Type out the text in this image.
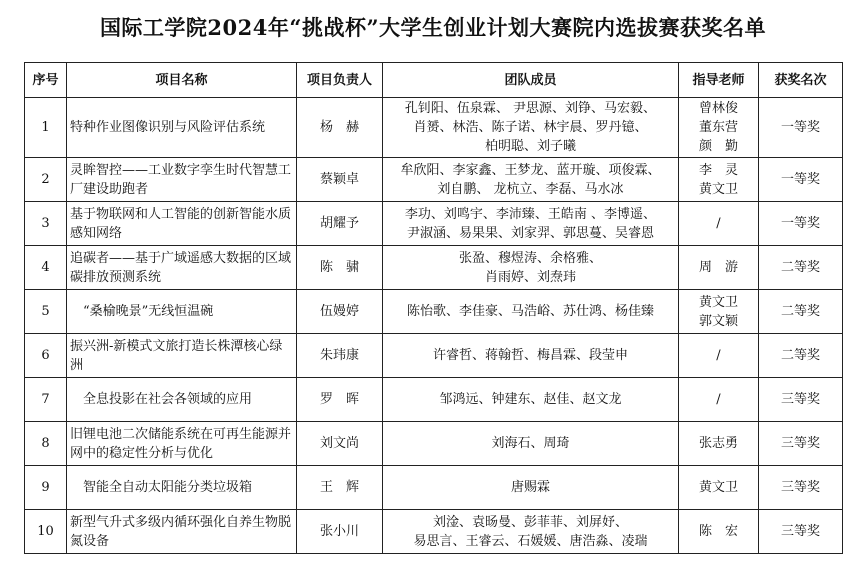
国际工学院2024年“挑战杯”大学生创业计划大赛院内选拔赛获奖名单
序号	项目名称	项目负责人	团队成员	指导老师	获奖名次
1	特种作业图像识别与风险评估系统	杨　赫	孔钊阳、伍泉霖、 尹思源、刘铮、马宏毅、
肖赟、林浩、陈子诺、林宇晨、罗丹镱、
柏明聪、刘子曦	曾林俊
董东营
颜　勤	一等奖
2	灵眸智控——工业数字孪生时代智慧工厂建设助跑者	蔡颖卓	牟欣阳、李家鑫、王梦龙、蓝开璇、项俊霖、
刘自鹏、 龙杭立、李磊、马水冰	李　灵
黄文卫	一等奖
3	基于物联网和人工智能的创新智能水质感知网络	胡耀予	李功、刘鸣宇、李沛臻、王皓南 、李博遥、
尹淑涵、易果果、刘家羿、郭思蔓、吴睿恩	/	一等奖
4	追碳者——基于广域遥感大数据的区域碳排放预测系统	陈　骕	张盈、穆煜涛、余格雅、
肖雨婷、刘焘玮	周　游	二等奖
5	　“桑榆晚景”无线恒温碗	伍嫚婷	陈怡歌、李佳豪、马浩峪、苏仕鸿、杨佳臻	黄文卫
郭文颖	二等奖
6	振兴洲-新模式文旅打造长株潭核心绿洲	朱玮康	许睿哲、蒋翰哲、梅昌霖、段莹申	/	二等奖
7	　全息投影在社会各领域的应用	罗　晖	邹鸿远、钟建东、赵佳、赵文龙	/	三等奖
8	旧锂电池二次储能系统在可再生能源并网中的稳定性分析与优化	刘文尚	刘海石、周琦	张志勇	三等奖
9	　智能全自动太阳能分类垃圾箱	王　辉	唐赐霖	黄文卫	三等奖
10	新型气升式多级内循环强化自养生物脱氮设备	张小川	刘淦、袁旸曼、彭菲菲、刘屏妤、
易思言、王睿云、石媛媛、唐浩淼、凌瑞	陈　宏	三等奖
